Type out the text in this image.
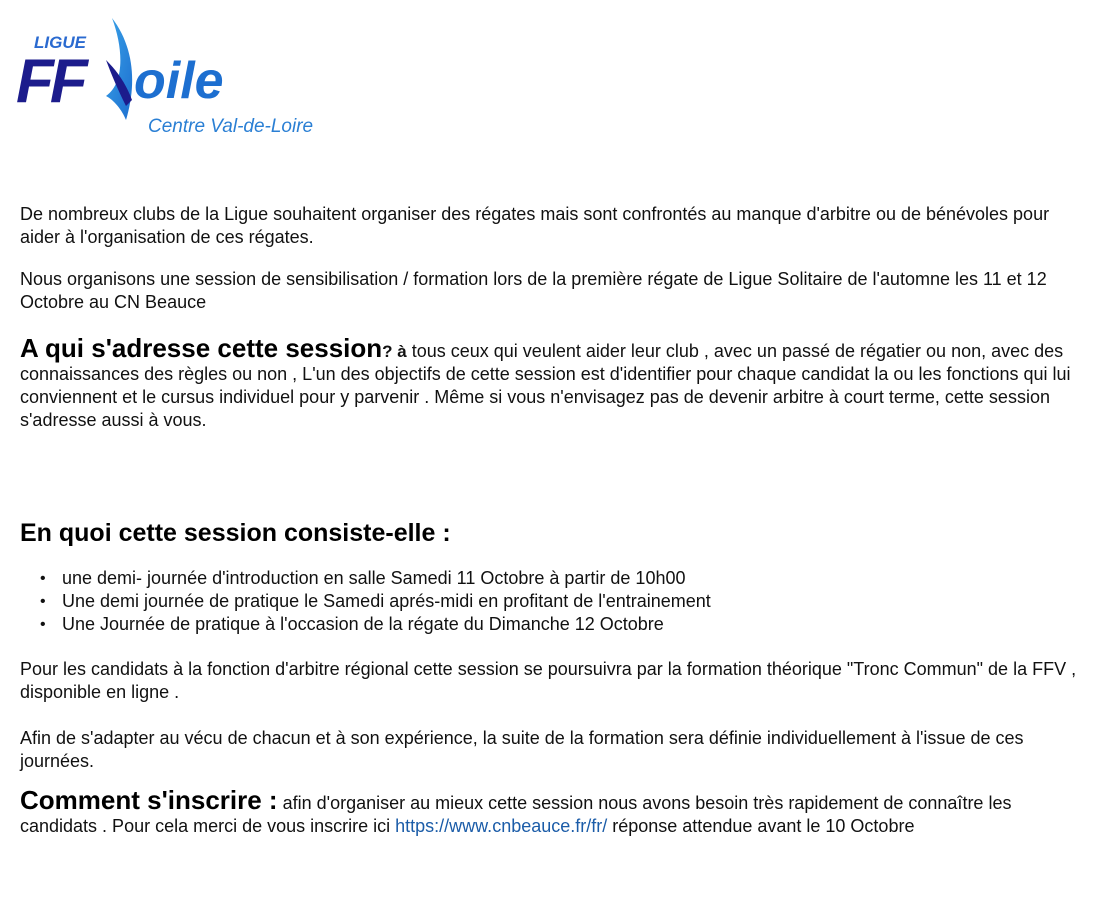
LIGUE
FF oile
Centre Val-de-Loire

De nombreux clubs de la Ligue souhaitent organiser des régates mais sont confrontés au manque d'arbitre ou de bénévoles pour aider à l'organisation de ces régates.

Nous organisons une session de sensibilisation / formation lors de la première régate de Ligue Solitaire de l'automne les 11 et 12 Octobre au CN Beauce

A qui s'adresse cette session? à tous ceux qui veulent aider leur club , avec un passé de régatier ou non, avec des connaissances des règles ou non , L'un des objectifs de cette session est d'identifier pour chaque candidat la ou les fonctions qui lui conviennent et le cursus individuel pour y parvenir . Même si vous n'envisagez pas de devenir arbitre à court terme, cette session s'adresse aussi à vous.

En quoi cette session consiste-elle :
• une demi- journée d'introduction en salle Samedi 11 Octobre à partir de 10h00
• Une demi journée de pratique le Samedi aprés-midi en profitant de l'entrainement
• Une Journée de pratique à l'occasion de la régate du Dimanche 12 Octobre

Pour les candidats à la fonction d'arbitre régional cette session se poursuivra par la formation théorique "Tronc Commun" de la FFV , disponible en ligne .

Afin de s'adapter au vécu de chacun et à son expérience, la suite de la formation sera définie individuellement à l'issue de ces journées.

Comment s'inscrire : afin d'organiser au mieux cette session nous avons besoin très rapidement de connaître les candidats . Pour cela merci de vous inscrire ici https://www.cnbeauce.fr/fr/ réponse attendue avant le 10 Octobre
